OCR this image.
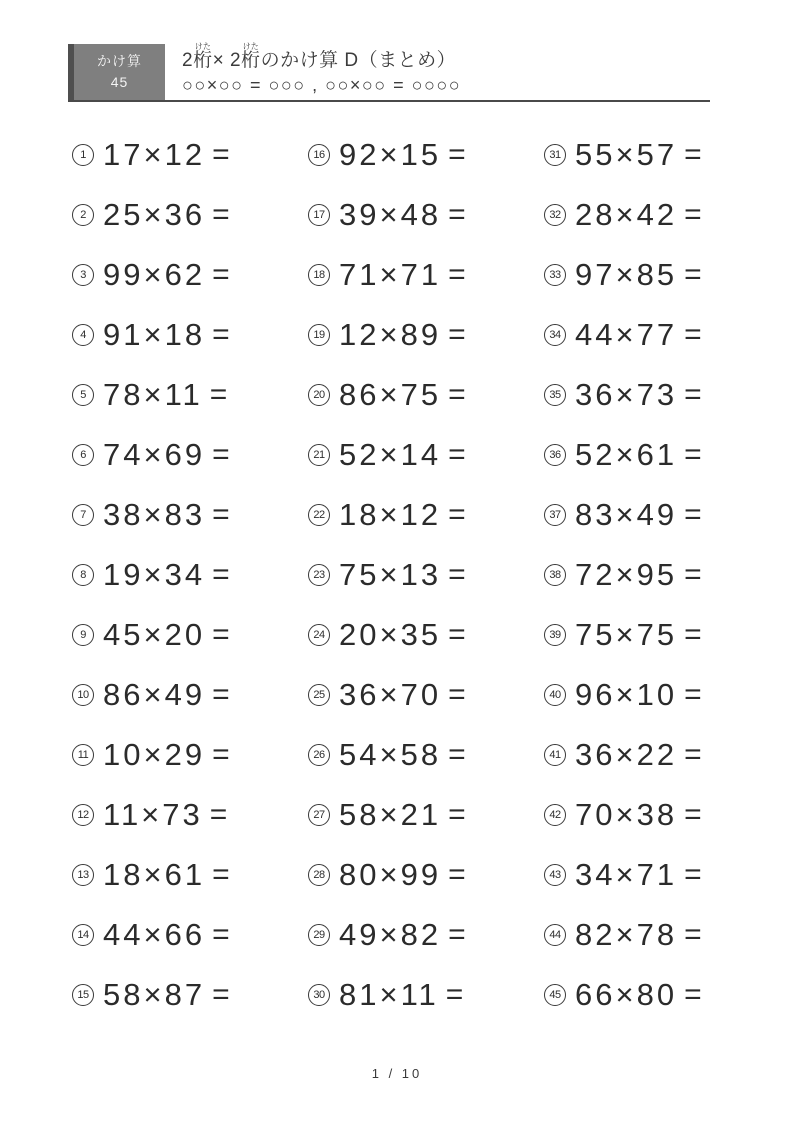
かけ算
45
2 桁けた
× 2 桁けた
のかけ算 D（まとめ）
○○×○○ = ○○○ , ○○×○○ = ○○○○
1 17×12 =
2 25×36 =
3 99×62 =
4 91×18 =
5 78×11 =
6 74×69 =
7 38×83 =
8 19×34 =
9 45×20 =
10 86×49 =
11 10×29 =
12 11×73 =
13 18×61 =
14 44×66 =
15 58×87 =
16 92×15 =
17 39×48 =
18 71×71 =
19 12×89 =
20 86×75 =
21 52×14 =
22 18×12 =
23 75×13 =
24 20×35 =
25 36×70 =
26 54×58 =
27 58×21 =
28 80×99 =
29 49×82 =
30 81×11 =
31 55×57 =
32 28×42 =
33 97×85 =
34 44×77 =
35 36×73 =
36 52×61 =
37 83×49 =
38 72×95 =
39 75×75 =
40 96×10 =
41 36×22 =
42 70×38 =
43 34×71 =
44 82×78 =
45 66×80 =
1 / 10
